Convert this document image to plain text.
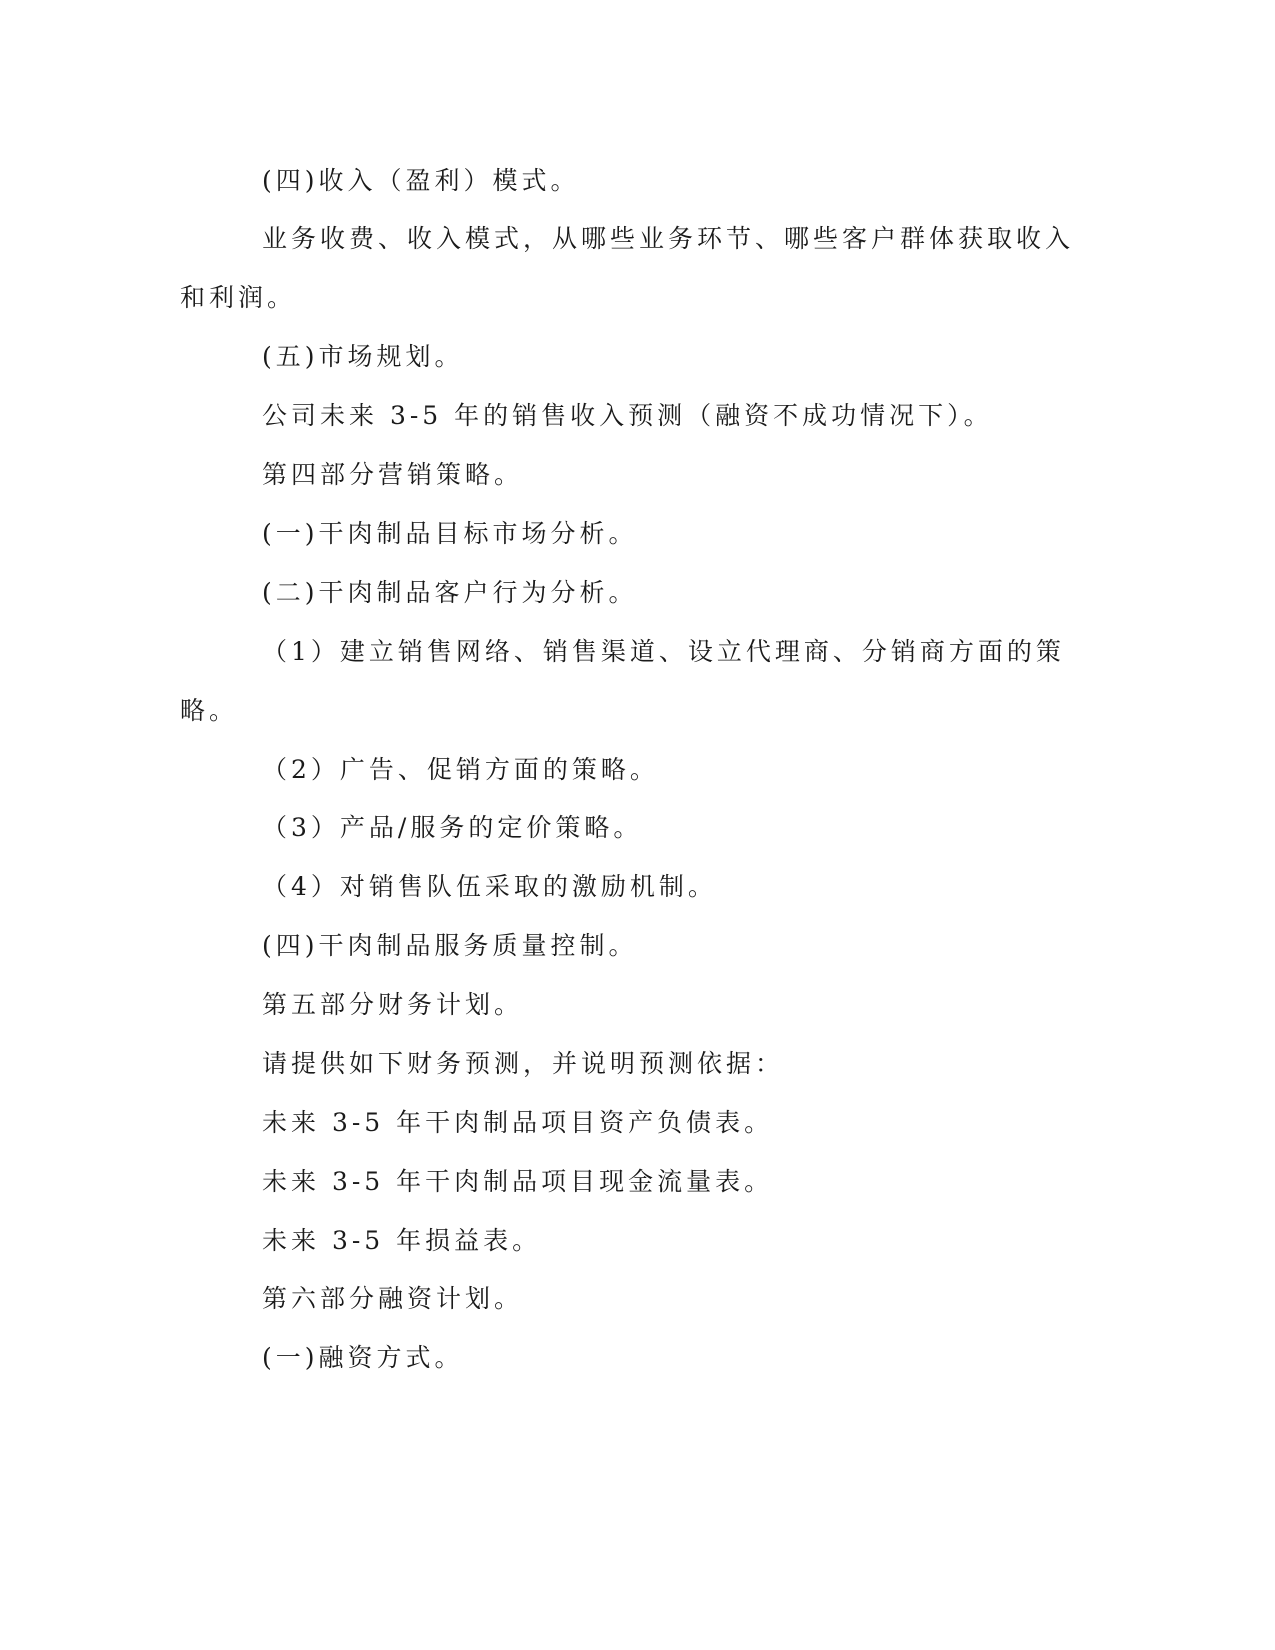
(四)收入（盈利）模式。
业务收费、收入模式，从哪些业务环节、哪些客户群体获取收入
和利润。
(五)市场规划。
公司未来 3-5 年的销售收入预测（融资不成功情况下）。
第四部分营销策略。
(一)干肉制品目标市场分析。
(二)干肉制品客户行为分析。
（1）建立销售网络、销售渠道、设立代理商、分销商方面的策
略。
（2）广告、促销方面的策略。
（3）产品/服务的定价策略。
（4）对销售队伍采取的激励机制。
(四)干肉制品服务质量控制。
第五部分财务计划。
请提供如下财务预测，并说明预测依据：
未来 3-5 年干肉制品项目资产负债表。
未来 3-5 年干肉制品项目现金流量表。
未来 3-5 年损益表。
第六部分融资计划。
(一)融资方式。
